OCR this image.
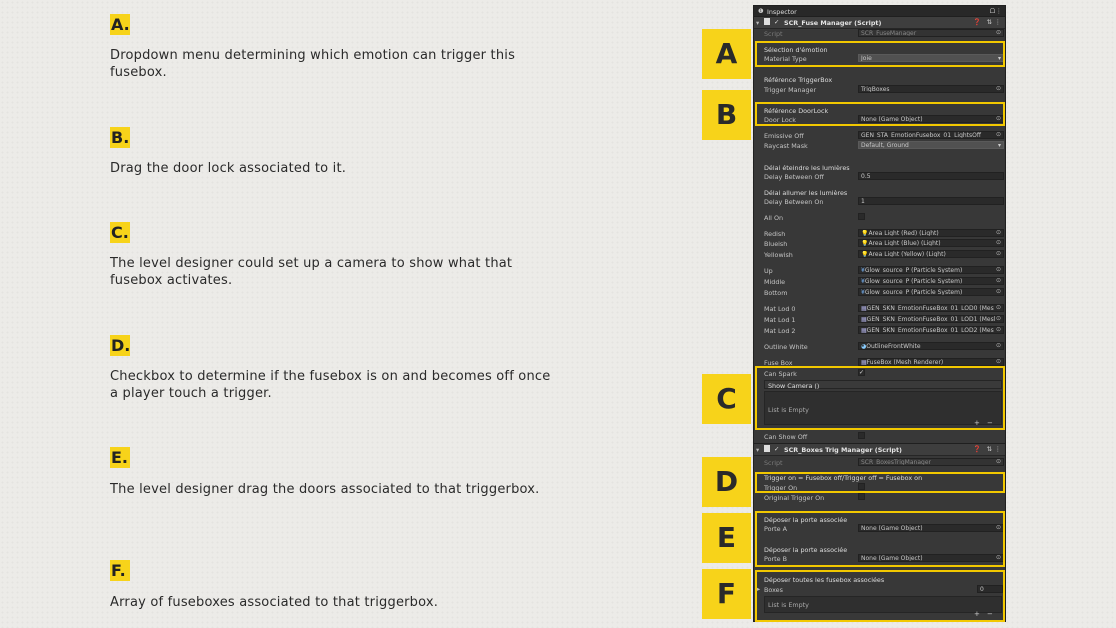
A.
Dropdown menu determining which emotion can trigger this fusebox.
B.
Drag the door lock associated to it.
C.
The level designer could set up a camera to show what that fusebox activates.
D.
Checkbox to determine if the fusebox is on and becomes off once a player touch a trigger.
E.
The level designer drag the doors associated to that triggerbox.
F.
Array of fuseboxes associated to that triggerbox.
A
B
C
D
E
F
❶ Inspector	ᗝ ⋮
▾ ✓ SCR_Fuse Manager (Script)	❓ ⇅ ⋮
Script	SCR_FuseManager ⊙
Sélection d'émotion
Material Type	Joie ▾
Référence TriggerBox
Trigger Manager	TrigBoxes ⊙
Référence DoorLock
Door Lock	None (Game Object) ⊙
Emissive Off	GEN_STA_EmotionFusebox_01_LightsOff ⊙
Raycast Mask	Default, Ground ▾
Délai éteindre les lumières
Delay Between Off	0.5
Délai allumer les lumières
Delay Between On	1
All On
Redish	💡Area Light (Red) (Light) ⊙
Blueish	💡Area Light (Blue) (Light) ⊙
Yellowish	💡Area Light (Yellow) (Light) ⊙
Up	¥Glow_source_P (Particle System) ⊙
Middle	¥Glow_source_P (Particle System) ⊙
Bottom	¥Glow_source_P (Particle System) ⊙
Mat Lod 0	▦GEN_SKN_EmotionFuseBox_01_LOD0 (Mes ⊙
Mat Lod 1	▦GEN_SKN_EmotionFuseBox_01_LOD1 (Mesl ⊙
Mat Lod 2	▦GEN_SKN_EmotionFuseBox_01_LOD2 (Mes ⊙
Outline White	◕OutlineFrontWhite ⊙
Fuse Box	▦FuseBox (Mesh Renderer) ⊙
Can Spark	✓
Show Camera ()
List is Empty
+ −
Can Show Off
▾ ✓ SCR_Boxes Trig Manager (Script)	❓ ⇅ ⋮
Script	SCR_BoxesTrigManager ⊙
Trigger on = Fusebox off/Trigger off = Fusebox on
Trigger On
Original Trigger On
Déposer la porte associée
Porte A	None (Game Object) ⊙
Déposer la porte associée
Porte B	None (Game Object) ⊙
Déposer toutes les fusebox associées
▸ Boxes	0
List is Empty
+ −
